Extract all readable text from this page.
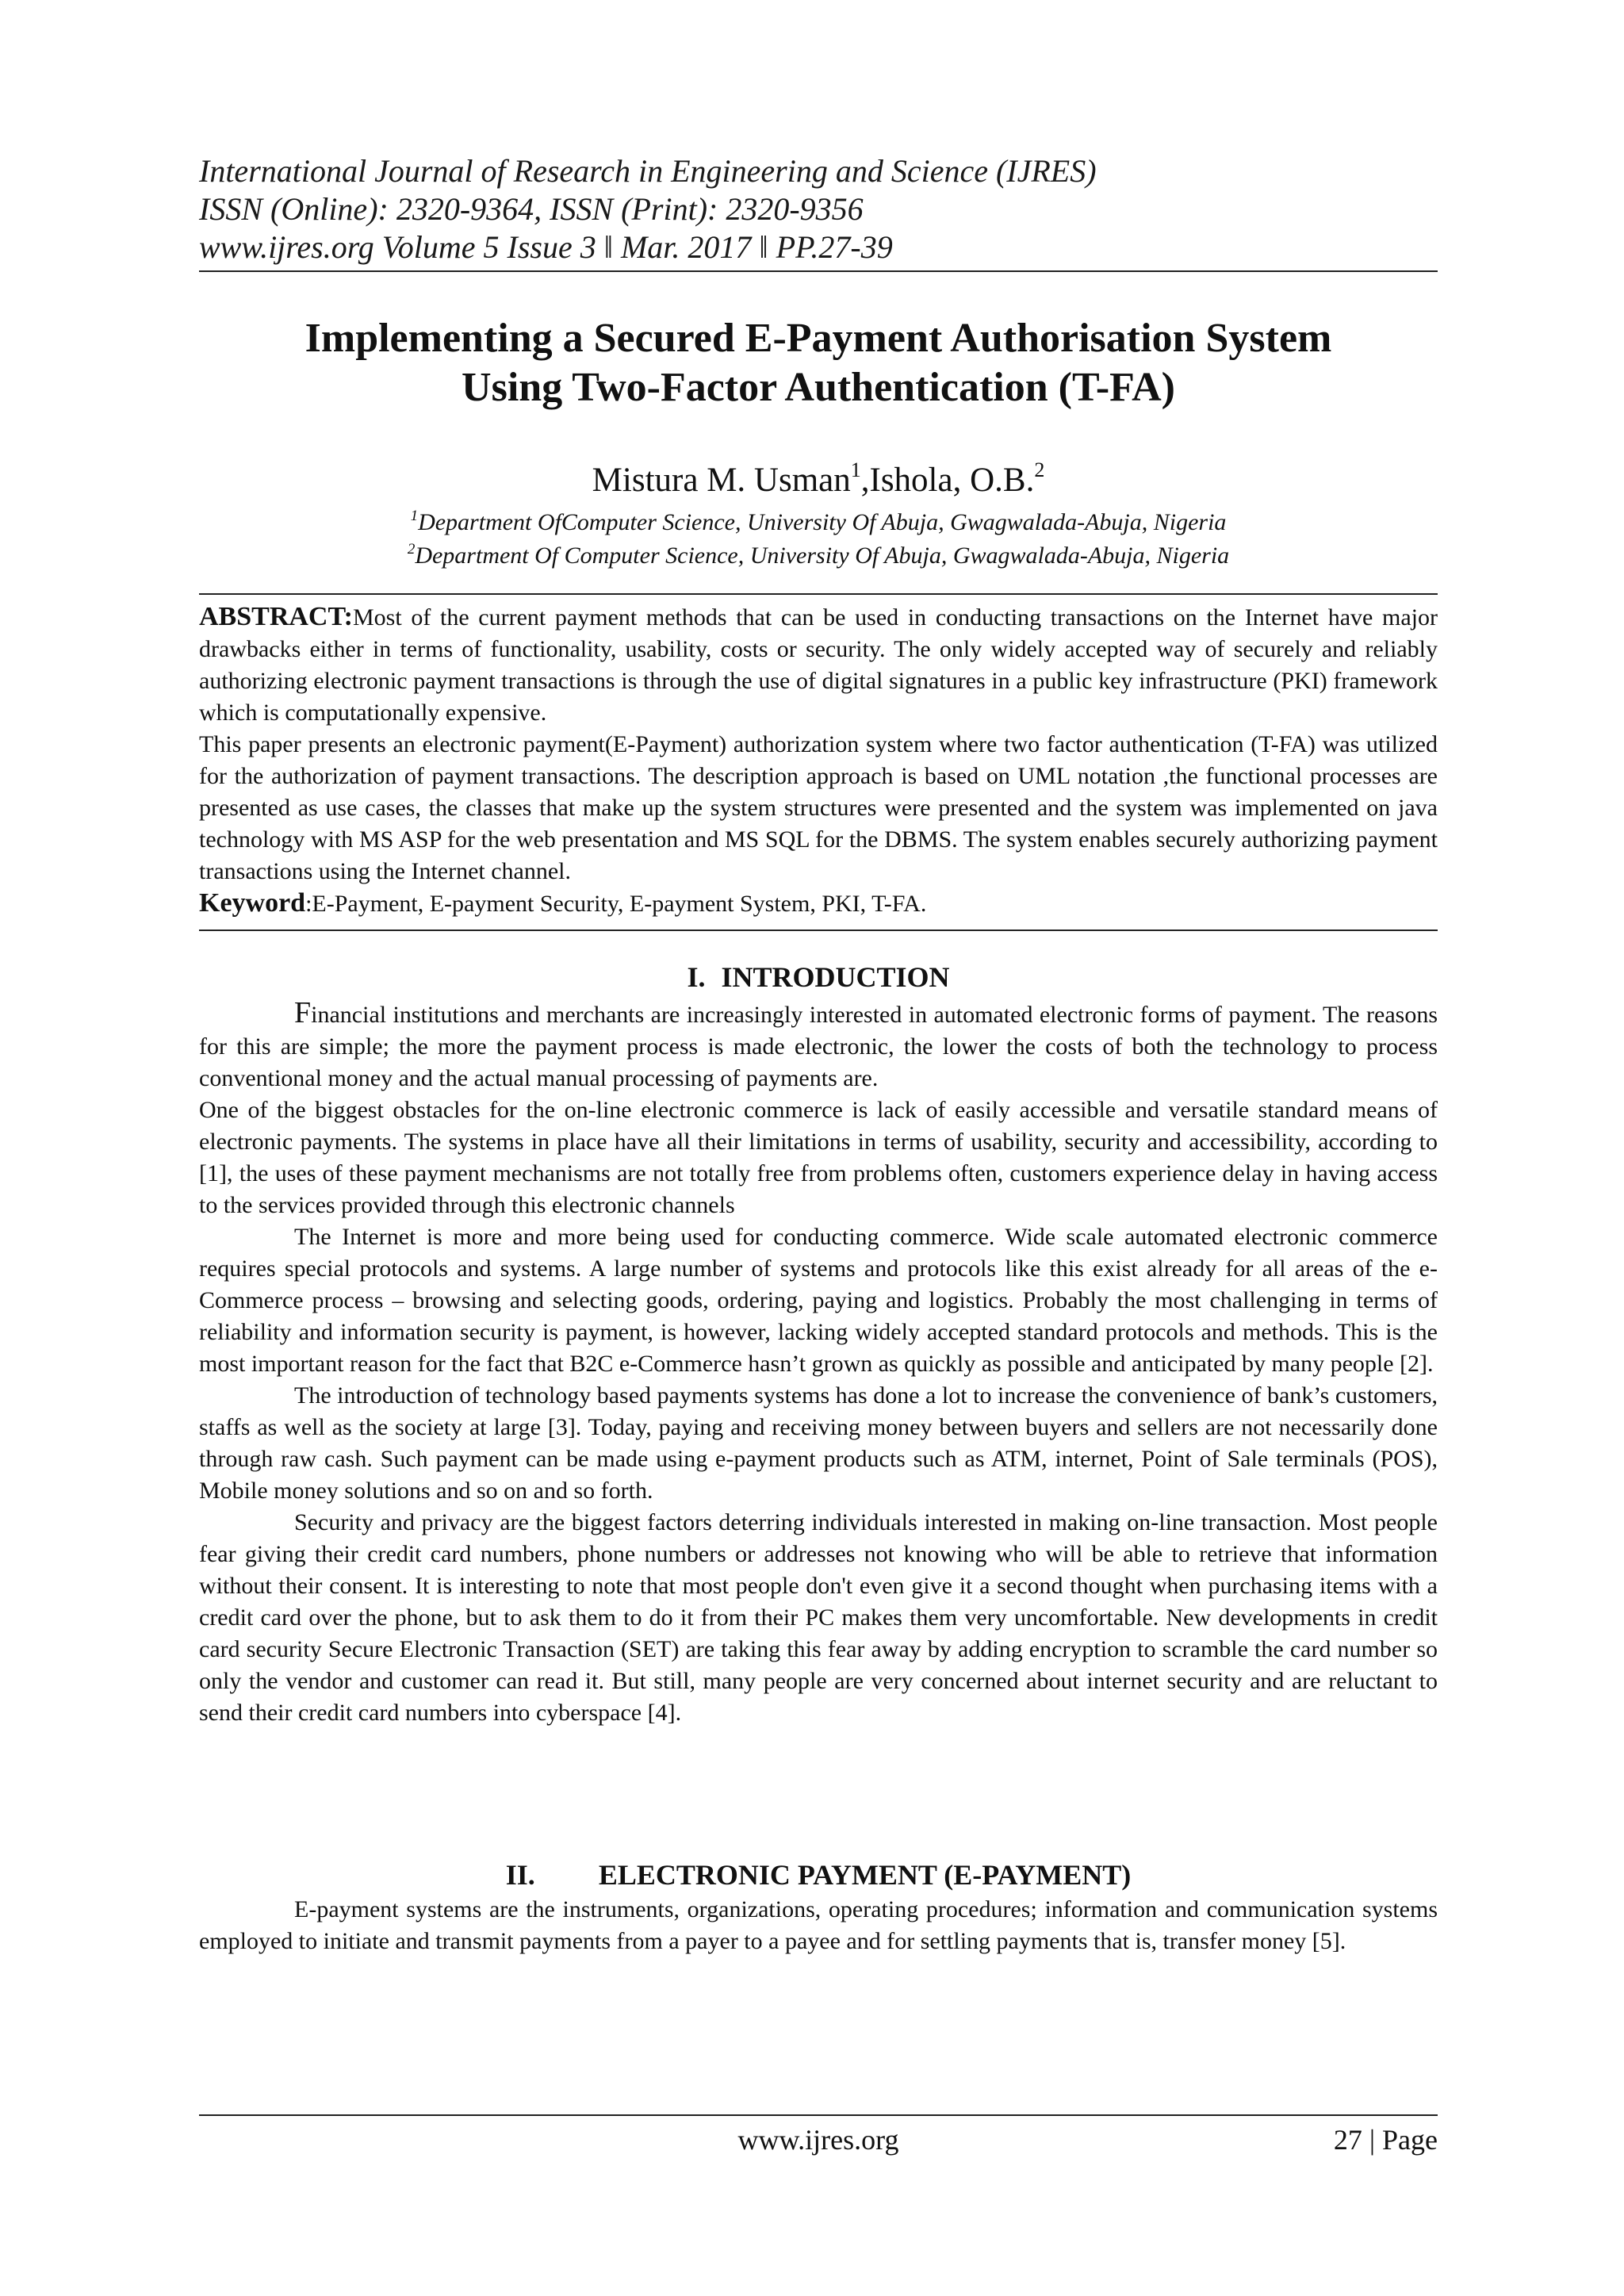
International Journal of Research in Engineering and Science (IJRES)
ISSN (Online): 2320-9364, ISSN (Print): 2320-9356
www.ijres.org Volume 5 Issue 3 ǁ Mar. 2017 ǁ PP.27-39
Implementing a Secured E-Payment Authorisation System
Using Two-Factor Authentication (T-FA)
Mistura M. Usman$^1$,Ishola, O.B.$^2$
$^1$Department OfComputer Science, University Of Abuja, Gwagwalada-Abuja, Nigeria
$^2$Department Of Computer Science, University Of Abuja, Gwagwalada-Abuja, Nigeria

ABSTRACT:Most of the current payment methods that can be used in conducting transactions on the Internet have major drawbacks either in terms of functionality, usability, costs or security. The only widely accepted way of securely and reliably authorizing electronic payment transactions is through the use of digital signatures in a public key infrastructure (PKI) framework which is computationally expensive.

This paper presents an electronic payment(E-Payment) authorization system where two factor authentication (T-FA) was utilized for the authorization of payment transactions. The description approach is based on UML notation ,the functional processes are presented as use cases, the classes that make up the system structures were presented and the system was implemented on java technology with MS ASP for the web presentation and MS SQL for the DBMS. The system enables securely authorizing payment transactions using the Internet channel.

Keyword:E-Payment, E-payment Security, E-payment System, PKI, T-FA.

I. INTRODUCTION

Financial institutions and merchants are increasingly interested in automated electronic forms of payment. The reasons for this are simple; the more the payment process is made electronic, the lower the costs of both the technology to process conventional money and the actual manual processing of payments are.

One of the biggest obstacles for the on-line electronic commerce is lack of easily accessible and versatile standard means of electronic payments. The systems in place have all their limitations in terms of usability, security and accessibility, according to [1], the uses of these payment mechanisms are not totally free from problems often, customers experience delay in having access to the services provided through this electronic channels

The Internet is more and more being used for conducting commerce. Wide scale automated electronic commerce requires special protocols and systems. A large number of systems and protocols like this exist already for all areas of the e-Commerce process – browsing and selecting goods, ordering, paying and logistics. Probably the most challenging in terms of reliability and information security is payment, is however, lacking widely accepted standard protocols and methods. This is the most important reason for the fact that B2C e-Commerce hasn’t grown as quickly as possible and anticipated by many people [2].

The introduction of technology based payments systems has done a lot to increase the convenience of bank’s customers, staffs as well as the society at large [3]. Today, paying and receiving money between buyers and sellers are not necessarily done through raw cash. Such payment can be made using e-payment products such as ATM, internet, Point of Sale terminals (POS), Mobile money solutions and so on and so forth.

Security and privacy are the biggest factors deterring individuals interested in making on-line transaction. Most people fear giving their credit card numbers, phone numbers or addresses not knowing who will be able to retrieve that information without their consent. It is interesting to note that most people don't even give it a second thought when purchasing items with a credit card over the phone, but to ask them to do it from their PC makes them very uncomfortable. New developments in credit card security Secure Electronic Transaction (SET) are taking this fear away by adding encryption to scramble the card number so only the vendor and customer can read it. But still, many people are very concerned about internet security and are reluctant to send their credit card numbers into cyberspace [4].

II. ELECTRONIC PAYMENT (E-PAYMENT)

E-payment systems are the instruments, organizations, operating procedures; information and communication systems employed to initiate and transmit payments from a payer to a payee and for settling payments that is, transfer money [5].

www.ijres.org	27 | Page
